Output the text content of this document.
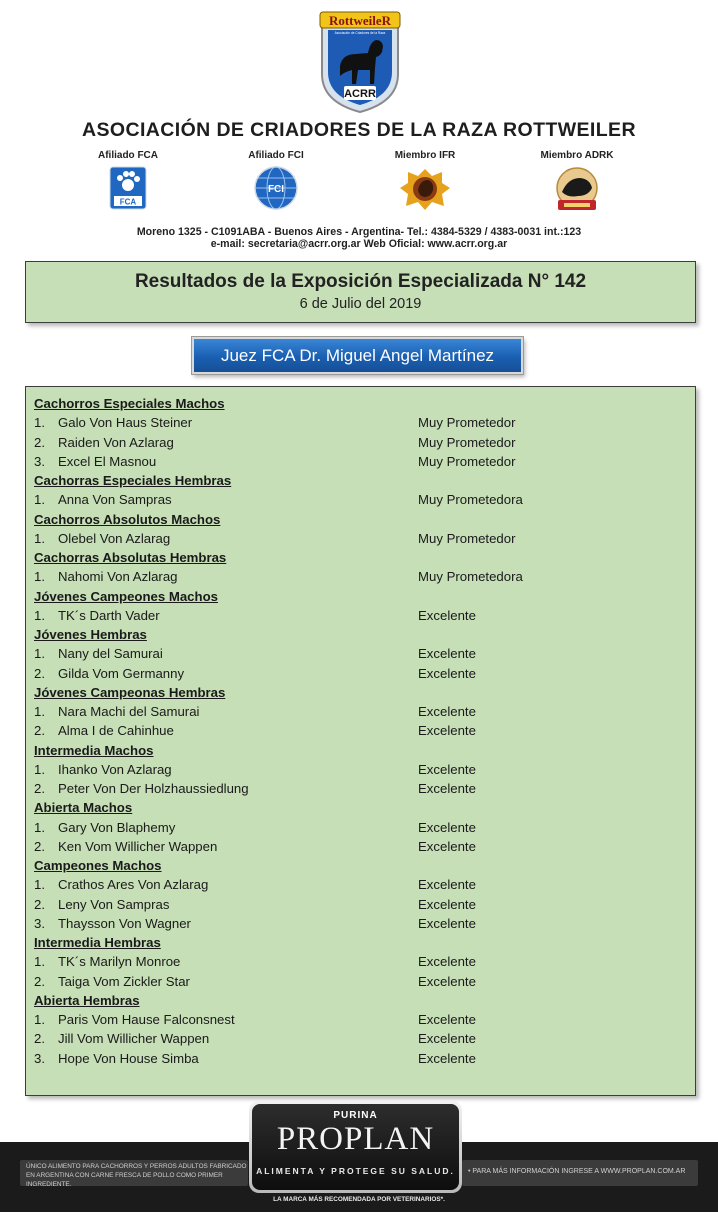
RottweileR
Asociación de Criadores de la Raza
ACRR
ASOCIACIÓN DE CRIADORES DE LA RAZA ROTTWEILER
Afiliado FCA
FCA
Afiliado FCI
FCI
Miembro IFR	Miembro ADRK
Moreno 1325 - C1091ABA - Buenos Aires - Argentina- Tel.: 4384-5329 / 4383-0031 int.:123
e-mail: secretaria@acrr.org.ar Web Oficial: www.acrr.org.ar
Resultados de la Exposición Especializada N° 142
6 de Julio del 2019
Juez FCA Dr. Miguel Angel Martínez
Cachorros Especiales Machos
1. Galo Von Haus Steiner	Muy Prometedor
2. Raiden Von Azlarag	Muy Prometedor
3. Excel El Masnou	Muy Prometedor
Cachorras Especiales Hembras
1. Anna Von Sampras	Muy Prometedora
Cachorros Absolutos Machos
1. Olebel Von Azlarag	Muy Prometedor
Cachorras Absolutas Hembras
1. Nahomi Von Azlarag	Muy Prometedora
Jóvenes Campeones Machos
1. TK´s Darth Vader	Excelente
Jóvenes Hembras
1. Nany del Samurai	Excelente
2. Gilda Vom Germanny	Excelente
Jóvenes Campeonas Hembras
1. Nara Machi del Samurai	Excelente
2. Alma I de Cahinhue	Excelente
Intermedia Machos
1. Ihanko Von Azlarag	Excelente
2. Peter Von Der Holzhaussiedlung	Excelente
Abierta Machos
1. Gary Von Blaphemy	Excelente
2. Ken Vom Willicher Wappen	Excelente
Campeones Machos
1. Crathos Ares Von Azlarag	Excelente
2. Leny Von Sampras	Excelente
3. Thaysson Von Wagner	Excelente
Intermedia Hembras
1. TK´s Marilyn Monroe	Excelente
2. Taiga Vom Zickler Star	Excelente
Abierta Hembras
1. Paris Vom Hause Falconsnest	Excelente
2. Jill Vom Willicher Wappen	Excelente
3. Hope Von House Simba	Excelente
ÚNICO ALIMENTO PARA CACHORROS Y PERROS ADULTOS FABRICADO EN ARGENTINA CON CARNE FRESCA DE POLLO COMO PRIMER INGREDIENTE.
• PARA MÁS INFORMACIÓN INGRESE A WWW.PROPLAN.COM.AR
PURINA
PROPLAN
ALIMENTA Y PROTEGE SU SALUD.
LA MARCA MÁS RECOMENDADA POR VETERINARIOS*.
